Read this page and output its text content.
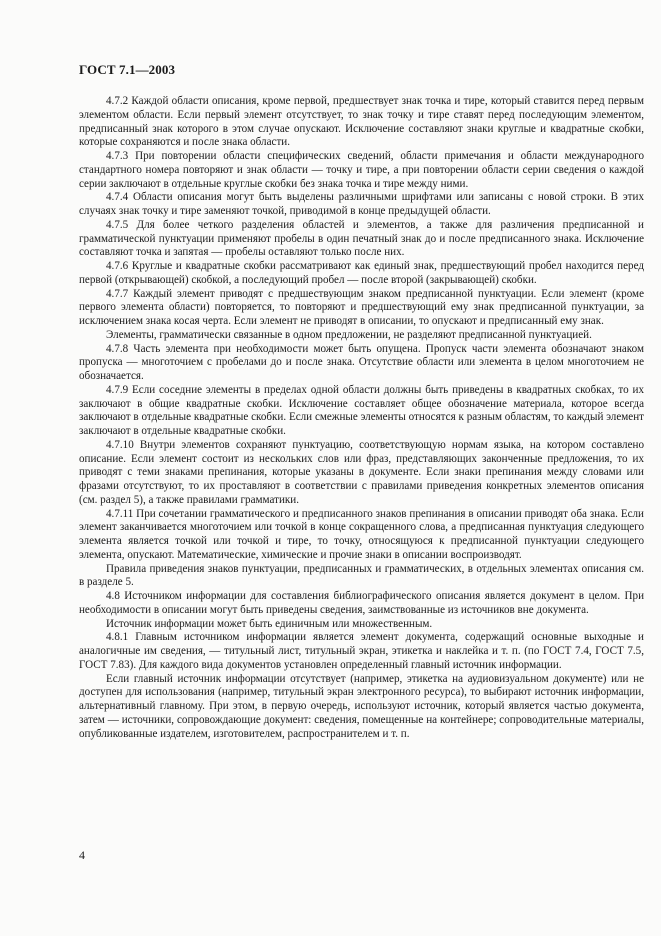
ГОСТ 7.1—2003

4.7.2 Каждой области описания, кроме первой, предшествует знак точка и тире, который ставится перед первым элементом области. Если первый элемент отсутствует, то знак точку и тире ставят перед последующим элементом, предписанный знак которого в этом случае опускают. Исключение составляют знаки круглые и квадратные скобки, которые сохраняются и после знака области.

4.7.3 При повторении области специфических сведений, области примечания и области международного стандартного номера повторяют и знак области — точку и тире, а при повторении области серии сведения о каждой серии заключают в отдельные круглые скобки без знака точка и тире между ними.

4.7.4 Области описания могут быть выделены различными шрифтами или записаны с новой строки. В этих случаях знак точку и тире заменяют точкой, приводимой в конце предыдущей области.

4.7.5 Для более четкого разделения областей и элементов, а также для различения предписанной и грамматической пунктуации применяют пробелы в один печатный знак до и после предписанного знака. Исключение составляют точка и запятая — пробелы оставляют только после них.

4.7.6 Круглые и квадратные скобки рассматривают как единый знак, предшествующий пробел находится перед первой (открывающей) скобкой, а последующий пробел — после второй (закрывающей) скобки.

4.7.7 Каждый элемент приводят с предшествующим знаком предписанной пунктуации. Если элемент (кроме первого элемента области) повторяется, то повторяют и предшествующий ему знак предписанной пунктуации, за исключением знака косая черта. Если элемент не приводят в описании, то опускают и предписанный ему знак.

Элементы, грамматически связанные в одном предложении, не разделяют предписанной пунктуацией.

4.7.8 Часть элемента при необходимости может быть опущена. Пропуск части элемента обозначают знаком пропуска — многоточием с пробелами до и после знака. Отсутствие области или элемента в целом многоточием не обозначается.

4.7.9 Если соседние элементы в пределах одной области должны быть приведены в квадратных скобках, то их заключают в общие квадратные скобки. Исключение составляет общее обозначение материала, которое всегда заключают в отдельные квадратные скобки. Если смежные элементы относятся к разным областям, то каждый элемент заключают в отдельные квадратные скобки.

4.7.10 Внутри элементов сохраняют пунктуацию, соответствующую нормам языка, на котором составлено описание. Если элемент состоит из нескольких слов или фраз, представляющих законченные предложения, то их приводят с теми знаками препинания, которые указаны в документе. Если знаки препинания между словами или фразами отсутствуют, то их проставляют в соответствии с правилами приведения конкретных элементов описания (см. раздел 5), а также правилами грамматики.

4.7.11 При сочетании грамматического и предписанного знаков препинания в описании приводят оба знака. Если элемент заканчивается многоточием или точкой в конце сокращенного слова, а предписанная пунктуация следующего элемента является точкой или точкой и тире, то точку, относящуюся к предписанной пунктуации следующего элемента, опускают. Математические, химические и прочие знаки в описании воспроизводят.

Правила приведения знаков пунктуации, предписанных и грамматических, в отдельных элементах описания см. в разделе 5.

4.8 Источником информации для составления библиографического описания является документ в целом. При необходимости в описании могут быть приведены сведения, заимствованные из источников вне документа.

Источник информации может быть единичным или множественным.

4.8.1 Главным источником информации является элемент документа, содержащий основные выходные и аналогичные им сведения, — титульный лист, титульный экран, этикетка и наклейка и т. п. (по ГОСТ 7.4, ГОСТ 7.5, ГОСТ 7.83). Для каждого вида документов установлен определенный главный источник информации.

Если главный источник информации отсутствует (например, этикетка на аудиовизуальном документе) или не доступен для использования (например, титульный экран электронного ресурса), то выбирают источник информации, альтернативный главному. При этом, в первую очередь, используют источник, который является частью документа, затем — источники, сопровождающие документ: сведения, помещенные на контейнере; сопроводительные материалы, опубликованные издателем, изготовителем, распространителем и т. п.

4
